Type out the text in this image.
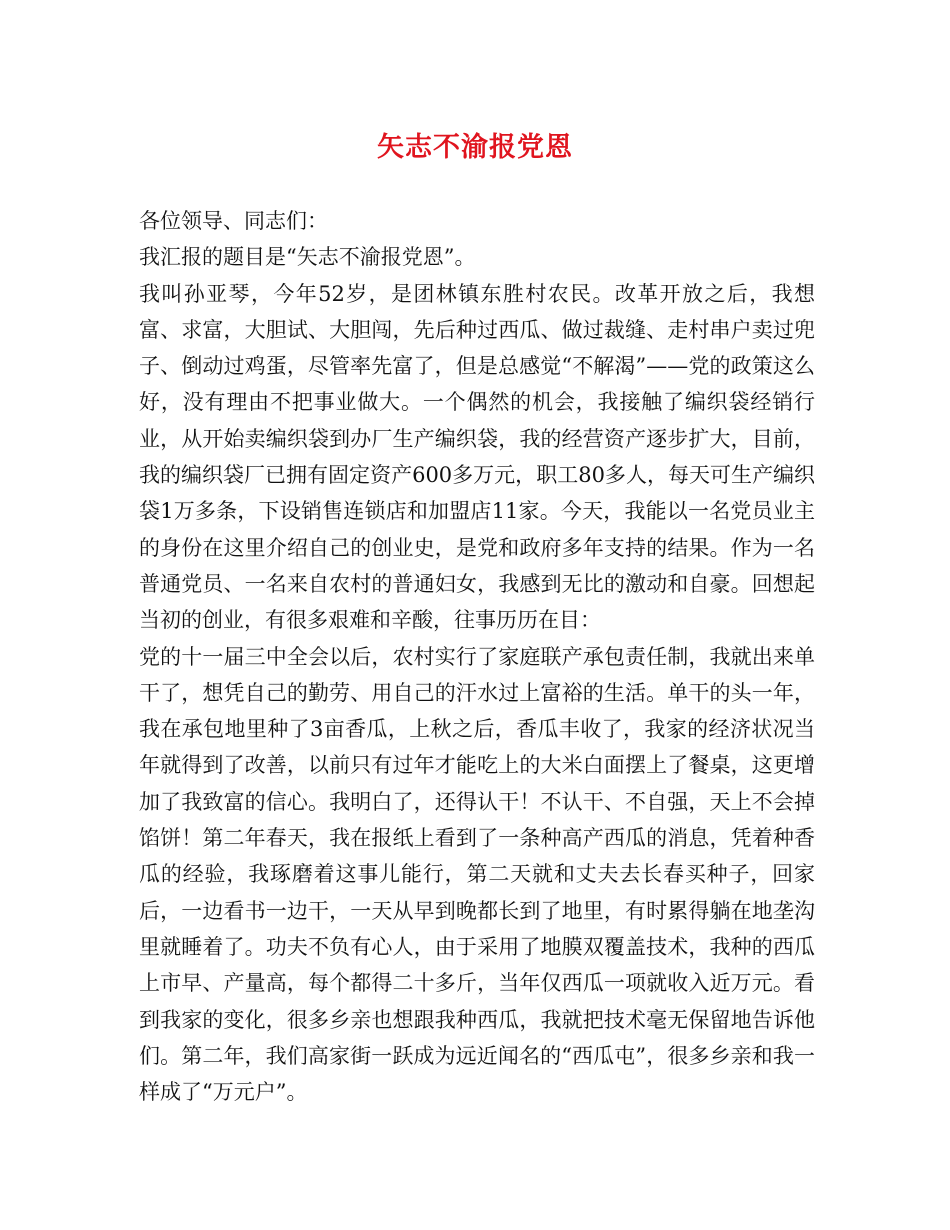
矢志不渝报党恩

各位领导、同志们：

我汇报的题目是“矢志不渝报党恩”。

我叫孙亚琴，今年52岁，是团林镇东胜村农民。改革开放之后，我想富、求富，大胆试、大胆闯，先后种过西瓜、做过裁缝、走村串户卖过兜子、倒动过鸡蛋，尽管率先富了，但是总感觉“不解渴”——党的政策这么好，没有理由不把事业做大。一个偶然的机会，我接触了编织袋经销行业，从开始卖编织袋到办厂生产编织袋，我的经营资产逐步扩大，目前，我的编织袋厂已拥有固定资产600多万元，职工80多人，每天可生产编织袋1万多条，下设销售连锁店和加盟店11家。今天，我能以一名党员业主的身份在这里介绍自己的创业史，是党和政府多年支持的结果。作为一名普通党员、一名来自农村的普通妇女，我感到无比的激动和自豪。回想起当初的创业，有很多艰难和辛酸，往事历历在目：

党的十一届三中全会以后，农村实行了家庭联产承包责任制，我就出来单干了，想凭自己的勤劳、用自己的汗水过上富裕的生活。单干的头一年，我在承包地里种了3亩香瓜，上秋之后，香瓜丰收了，我家的经济状况当年就得到了改善，以前只有过年才能吃上的大米白面摆上了餐桌，这更增加了我致富的信心。我明白了，还得认干！不认干、不自强，天上不会掉馅饼！第二年春天，我在报纸上看到了一条种高产西瓜的消息，凭着种香瓜的经验，我琢磨着这事儿能行，第二天就和丈夫去长春买种子，回家后，一边看书一边干，一天从早到晚都长到了地里，有时累得躺在地垄沟里就睡着了。功夫不负有心人，由于采用了地膜双覆盖技术，我种的西瓜上市早、产量高，每个都得二十多斤，当年仅西瓜一项就收入近万元。看到我家的变化，很多乡亲也想跟我种西瓜，我就把技术毫无保留地告诉他们。第二年，我们高家街一跃成为远近闻名的“西瓜屯”，很多乡亲和我一样成了“万元户”。
